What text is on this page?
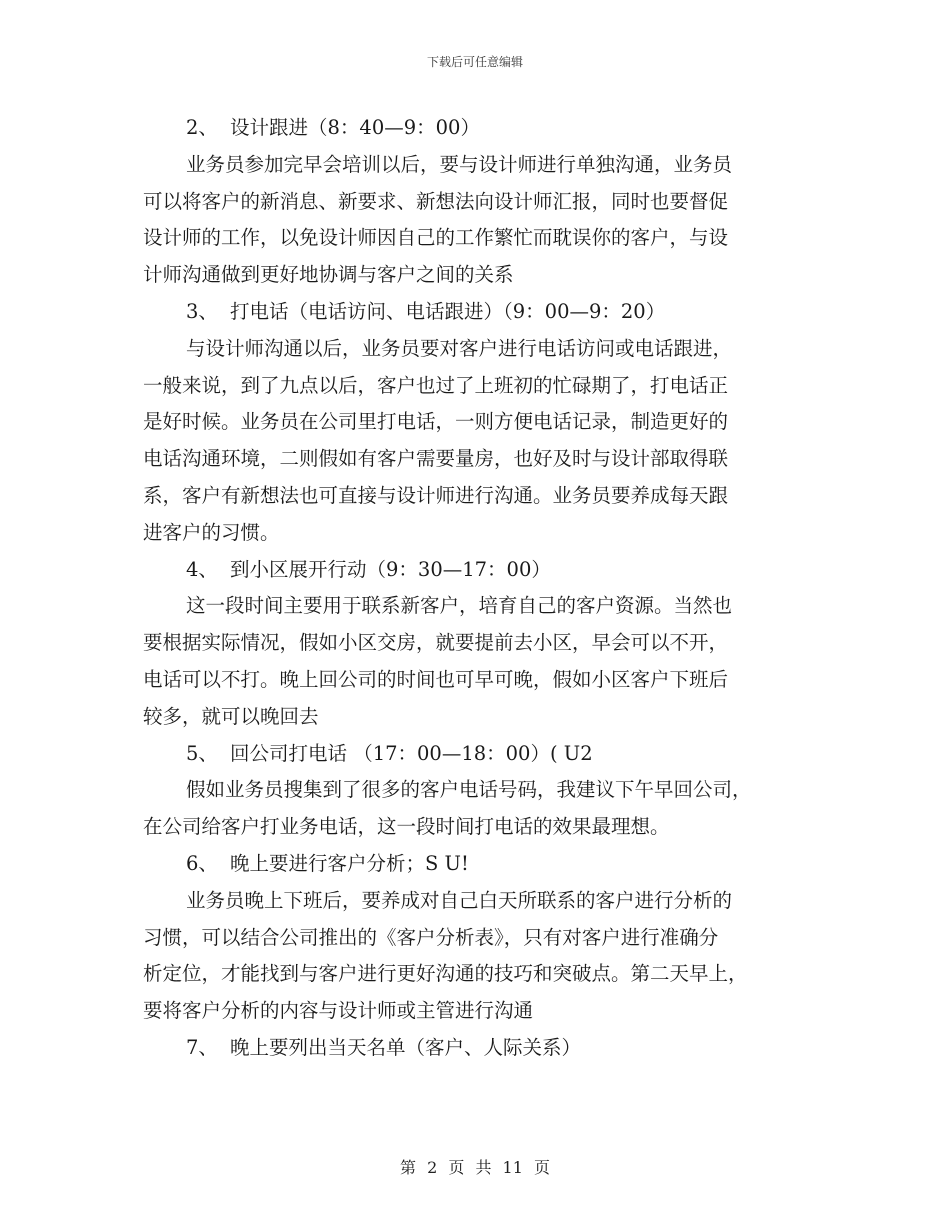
下载后可任意编辑

2、 设计跟进（8：40—9：00）

业务员参加完早会培训以后，要与设计师进行单独沟通，业务员

可以将客户的新消息、新要求、新想法向设计师汇报，同时也要督促

设计师的工作，以免设计师因自己的工作繁忙而耽误你的客户，与设

计师沟通做到更好地协调与客户之间的关系

3、 打电话（电话访问、电话跟进）（9：00—9：20）

与设计师沟通以后，业务员要对客户进行电话访问或电话跟进，

一般来说，到了九点以后，客户也过了上班初的忙碌期了，打电话正

是好时候。业务员在公司里打电话，一则方便电话记录，制造更好的

电话沟通环境，二则假如有客户需要量房，也好及时与设计部取得联

系，客户有新想法也可直接与设计师进行沟通。业务员要养成每天跟

进客户的习惯。

4、 到小区展开行动（9：30—17：00）

这一段时间主要用于联系新客户，培育自己的客户资源。当然也

要根据实际情况，假如小区交房，就要提前去小区，早会可以不开，

电话可以不打。晚上回公司的时间也可早可晚，假如小区客户下班后

较多，就可以晚回去

5、 回公司打电话 （17：00—18：00）( U2

假如业务员搜集到了很多的客户电话号码，我建议下午早回公司，

在公司给客户打业务电话，这一段时间打电话的效果最理想。

6、 晚上要进行客户分析；S U!

业务员晚上下班后，要养成对自己白天所联系的客户进行分析的

习惯，可以结合公司推出的《客户分析表》，只有对客户进行准确分

析定位，才能找到与客户进行更好沟通的技巧和突破点。第二天早上，

要将客户分析的内容与设计师或主管进行沟通

7、 晚上要列出当天名单（客户、人际关系）

第 2 页 共 11 页
